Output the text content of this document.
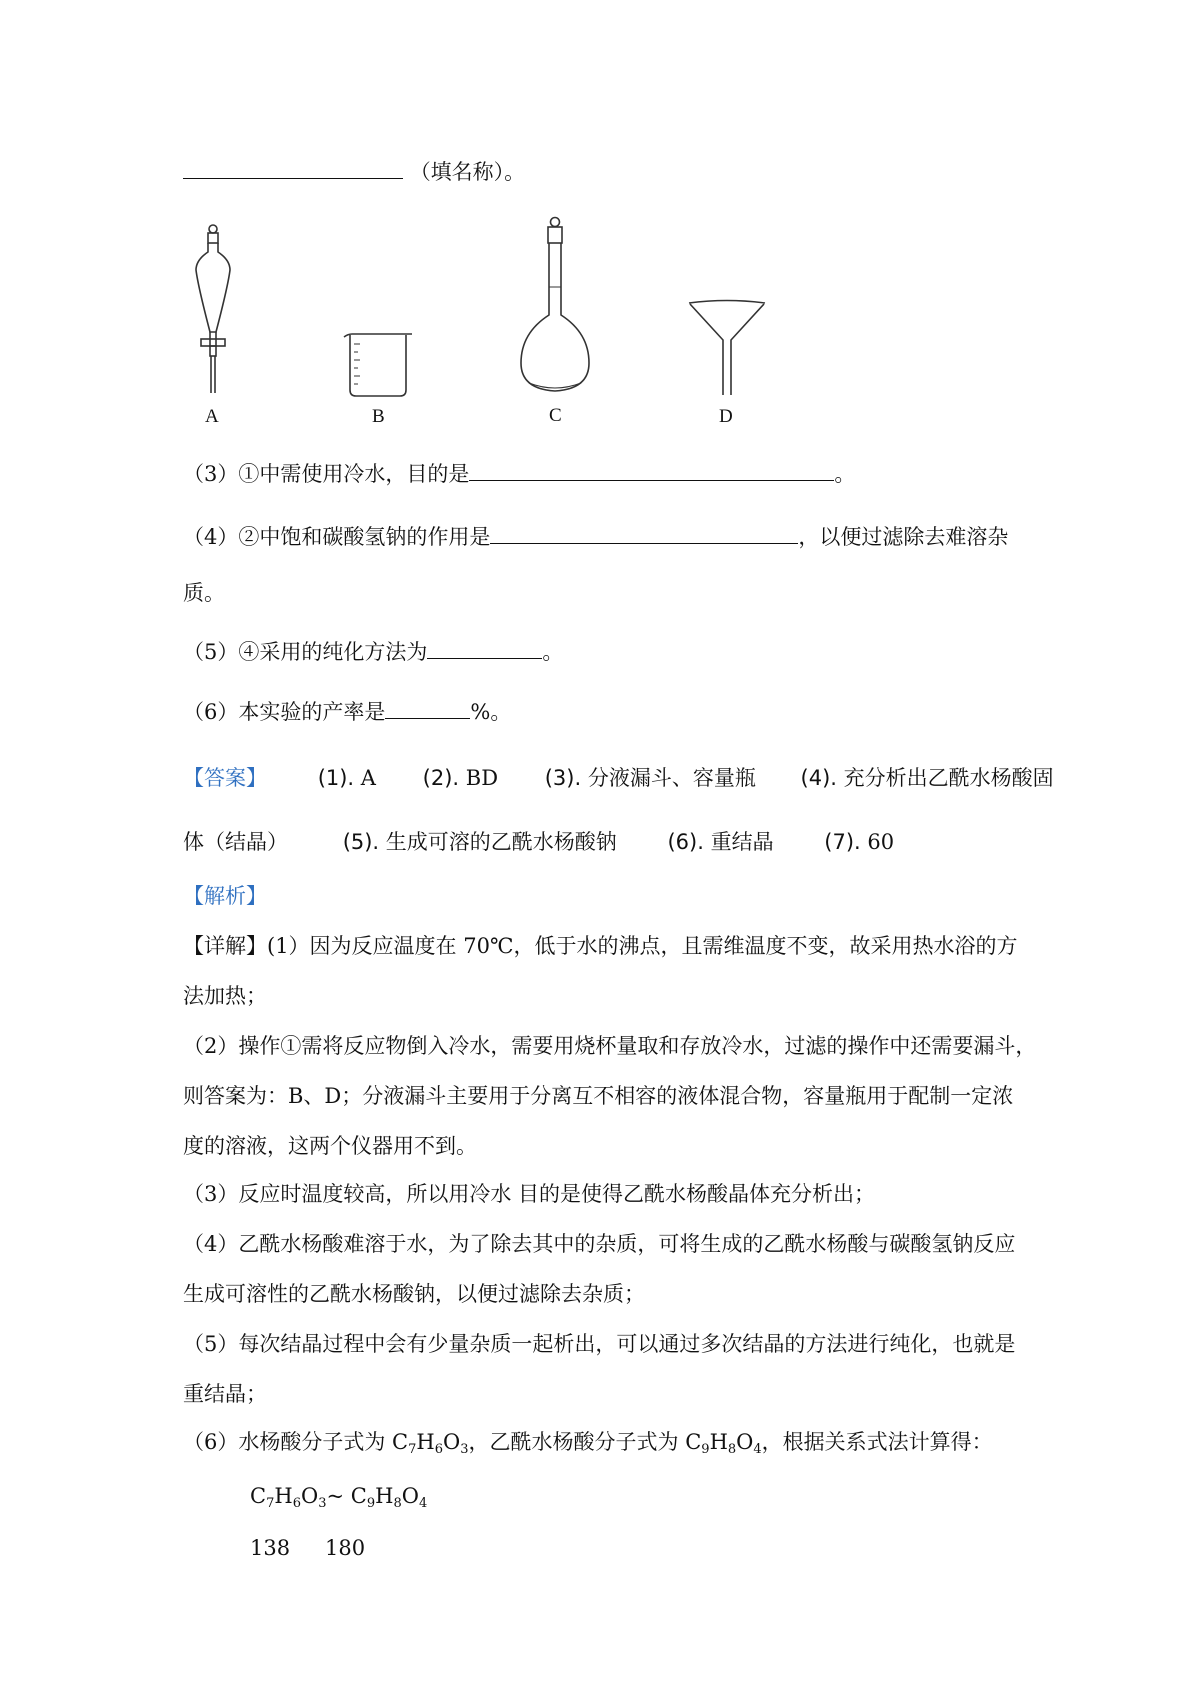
（填名称）。
A	B	C	D
（3）①中需使用冷水，目的是	。
（4）②中饱和碳酸氢钠的作用是	，以便过滤除去难溶杂
质。
（5）④采用的纯化方法为	。
（6）本实验的产率是	%。
【答案】 (1). A (2). BD (3). 分液漏斗、容量瓶 (4). 充分析出乙酰水杨酸固
体（结晶）	(5). 生成可溶的乙酰水杨酸钠 (6). 重结晶 (7). 60
【解析】
【详解】(1）因为反应温度在 70℃，低于水的沸点，且需维温度不变，故采用热水浴的方
法加热；
（2）操作①需将反应物倒入冷水，需要用烧杯量取和存放冷水，过滤的操作中还需要漏斗，
则答案为：B、D；分液漏斗主要用于分离互不相容的液体混合物，容量瓶用于配制一定浓
度的溶液，这两个仪器用不到。
（3）反应时温度较高，所以用冷水 目的是使得乙酰水杨酸晶体充分析出；
（4）乙酰水杨酸难溶于水，为了除去其中的杂质，可将生成的乙酰水杨酸与碳酸氢钠反应
生成可溶性的乙酰水杨酸钠，以便过滤除去杂质；
（5）每次结晶过程中会有少量杂质一起析出，可以通过多次结晶的方法进行纯化，也就是
重结晶；
（6）水杨酸分子式为 $C_7H_6O_3$，乙酰水杨酸分子式为 $C_9H_8O_4$，根据关系式法计算得：
$C_7H_6O_3\sim$ $C_9H_8O_4$
138 180
